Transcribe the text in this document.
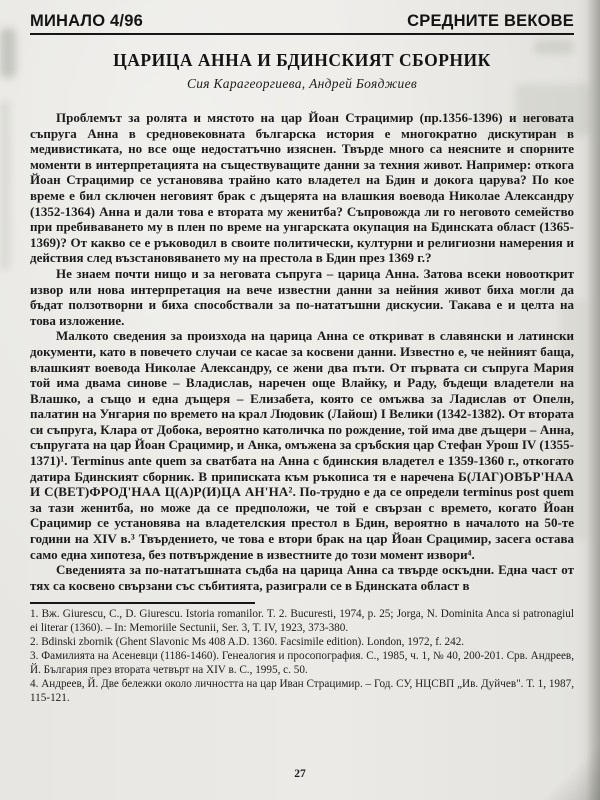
МИНАЛО 4/96	СРЕДНИТЕ ВЕКОВЕ
ЦАРИЦА АННА И БДИНСКИЯТ СБОРНИК
Сия Карагеоргиева, Андрей Бояджиев

Проблемът за ролята и мястото на цар Йоан Страцимир (пр.1356-1396) и неговата съпруга Анна в средновековната българска история е многократно дискутиран в медивистиката, но все още недостатъчно изяснен. Твърде много са неясните и спорните моменти в интерпретацията на съществуващите данни за техния живот. Например: откога Йоан Страцимир се установява трайно като владетел на Бдин и докога царува? По кое време е бил сключен неговият брак с дъщерята на влашкия воевода Николае Александру (1352-1364) Анна и дали това е втората му женитба? Съпровожда ли го неговото семейство при пребиваването му в плен по време на унгарската окупация на Бдинската област (1365-1369)? От какво се е ръководил в своите политически, културни и религиозни намерения и действия след възстановяването му на престола в Бдин през 1369 г.?

Не знаем почти нищо и за неговата съпруга – царица Анна. Затова всеки новооткрит извор или нова интерпретация на вече известни данни за нейния живот биха могли да бъдат ползотворни и биха способствали за по-нататъшни дискусии. Такава е и целта на това изложение.

Малкото сведения за произхода на царица Анна се откриват в славянски и латински документи, като в повечето случаи се касае за косвени данни. Известно е, че нейният баща, влашкият воевода Николае Александру, се жени два пъти. От първата си съпруга Мария той има двама синове – Владислав, наречен още Влайку, и Раду, бъдещи владетели на Влашко, а също и една дъщеря – Елизабета, която се омъжва за Ладислав от Опелн, палатин на Унгария по времето на крал Людовик (Лайош) I Велики (1342-1382). От втората си съпруга, Клара от Добока, вероятно католичка по рождение, той има две дъщери – Анна, съпругата на цар Йоан Срацимир, и Анка, омъжена за сръбския цар Стефан Урош IV (1355-1371)¹. Terminus ante quem за сватбата на Анна с бдинския владетел е 1359-1360 г., откогато датира Бдинският сборник. В приписката към ръкописа тя е наречена Б(ЛАГ)ОВЪР'НАА И С(ВЕТ)ФРОД'НАА Ц(А)Р(И)ЦА АН'НА². По-трудно е да се определи terminus post quem за тази женитба, но може да се предположи, че той е свързан с времето, когато Йоан Срацимир се установява на владетелския престол в Бдин, вероятно в началото на 50-те години на XIV в.³ Твърдението, че това е втори брак на цар Йоан Срацимир, засега остава само една хипотеза, без потвърждение в известните до този момент извори⁴.

Сведенията за по-нататъшната съдба на царица Анна са твърде оскъдни. Една част от тях са косвено свързани със събитията, разиграли се в Бдинската област в

1. Вж. Giurescu, C., D. Giurescu. Istoria romanilor. T. 2. Bucuresti, 1974, p. 25; Jorga, N. Dominita Anca si patronagiul ei literar (1360). – In: Memoriile Sectunii, Ser. 3, T. IV, 1923, 373-380.

2. Bdinski zbornik (Ghent Slavonic Ms 408 A.D. 1360. Facsimile edition). London, 1972, f. 242.

3. Фамилията на Асеневци (1186-1460). Генеалогия и просопография. С., 1985, ч. 1, № 40, 200-201. Срв. Андреев, Й. България през втората четвърт на XIV в. С., 1995, с. 50.

4. Андреев, Й. Две бележки около личността на цар Иван Страцимир. – Год. СУ, НЦСВП „Ив. Дуйчев". Т. 1, 1987, 115-121.

27
